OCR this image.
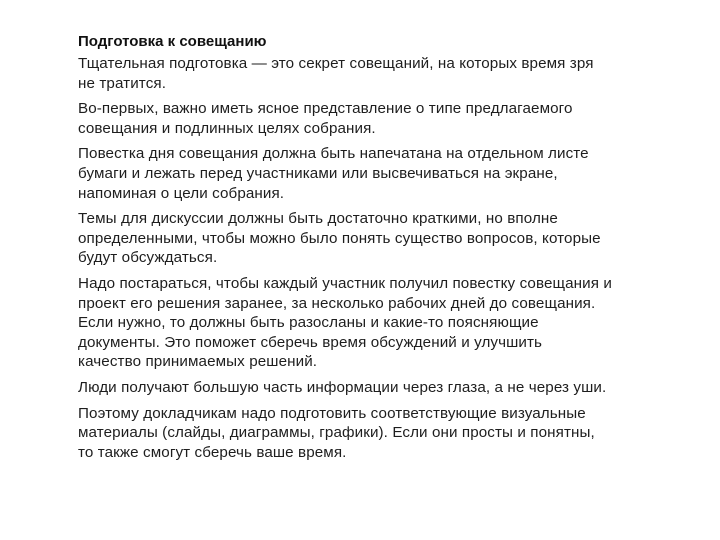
Подготовка к совещанию

Тщательная подготовка — это секрет совещаний, на которых время зря
не тратится.

Во-первых, важно иметь ясное представление о типе предлагаемого
совещания и подлинных целях собрания.

Повестка дня совещания должна быть напечатана на отдельном листе
бумаги и лежать перед участниками или высвечиваться на экране,
напоминая о цели собрания.

Темы для дискуссии должны быть достаточно краткими, но вполне
определенными, чтобы можно было понять существо вопросов, которые
будут обсуждаться.

Надо постараться, чтобы каждый участник получил повестку совещания и
проект его решения заранее, за несколько рабочих дней до совещания.
Если нужно, то должны быть разосланы и какие-то поясняющие
документы. Это поможет сберечь время обсуждений и улучшить
качество принимаемых решений.

Люди получают большую часть информации через глаза, а не через уши.

Поэтому докладчикам надо подготовить соответствующие визуальные
материалы (слайды, диаграммы, графики). Если они просты и понятны,
то также смогут сберечь ваше время.
